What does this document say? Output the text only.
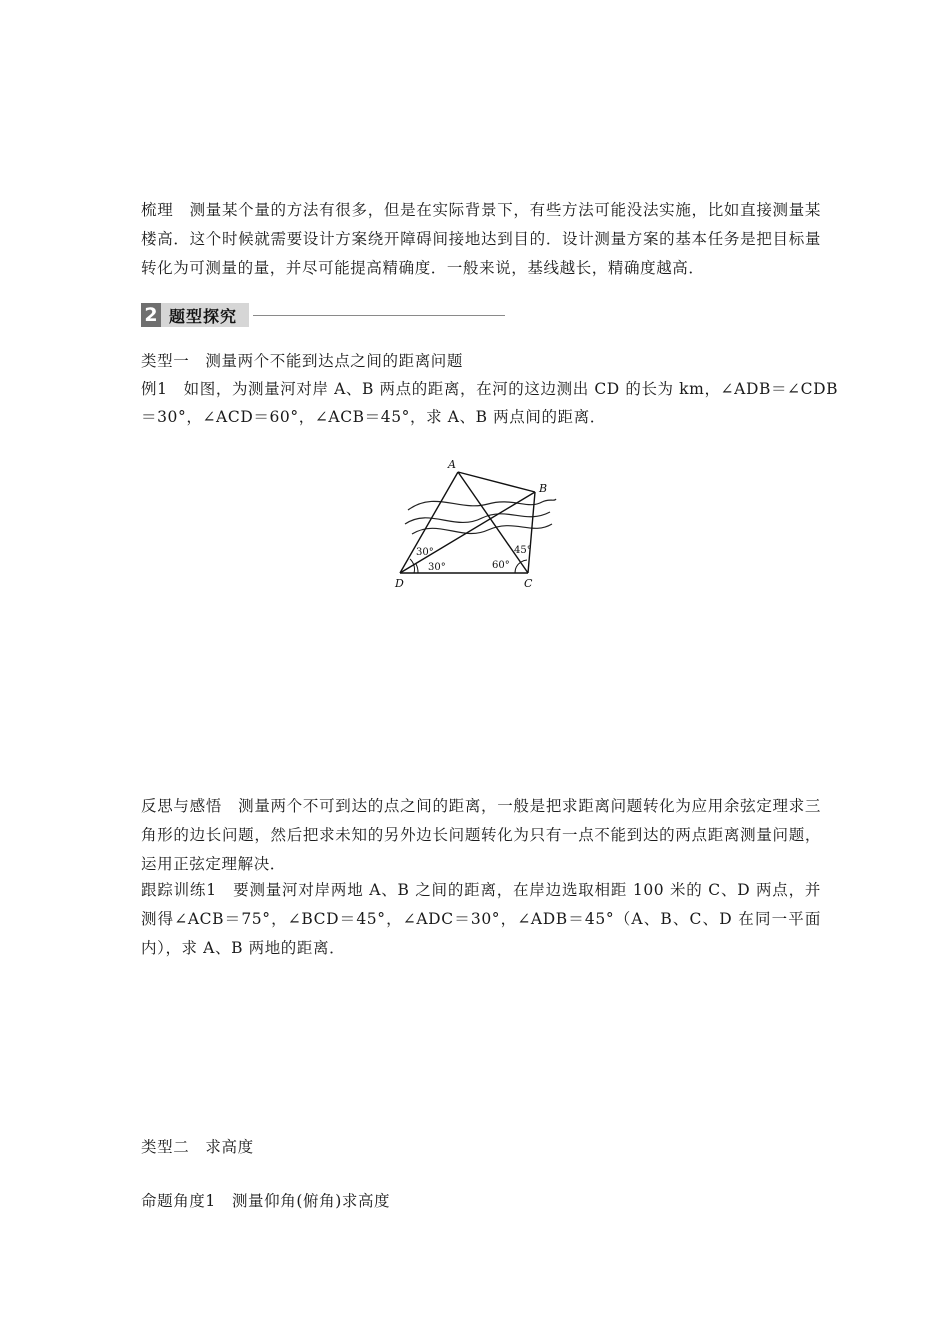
梳理　测量某个量的方法有很多，但是在实际背景下，有些方法可能没法实施，比如直接测量某楼高．这个时候就需要设计方案绕开障碍间接地达到目的．设计测量方案的基本任务是把目标量转化为可测量的量，并尽可能提高精确度．一般来说，基线越长，精确度越高．
2 题型探究
类型一　测量两个不能到达点之间的距离问题
例1　如图，为测量河对岸 A、B 两点的距离，在河的这边测出 CD 的长为 km，∠ADB＝∠CDB
＝30°，∠ACD＝60°，∠ACB＝45°，求 A、B 两点间的距离．
A
B
C
D
30°
30°	60°
45°
反思与感悟　测量两个不可到达的点之间的距离，一般是把求距离问题转化为应用余弦定理求三角形的边长问题，然后把求未知的另外边长问题转化为只有一点不能到达的两点距离测量问题，运用正弦定理解决．
跟踪训练1　要测量河对岸两地 A、B 之间的距离，在岸边选取相距 100 米的 C、D 两点，并测得∠ACB＝75°，∠BCD＝45°，∠ADC＝30°，∠ADB＝45°（A、B、C、D 在同一平面内），求 A、B 两地的距离．
类型二　求高度
命题角度1　测量仰角(俯角)求高度
